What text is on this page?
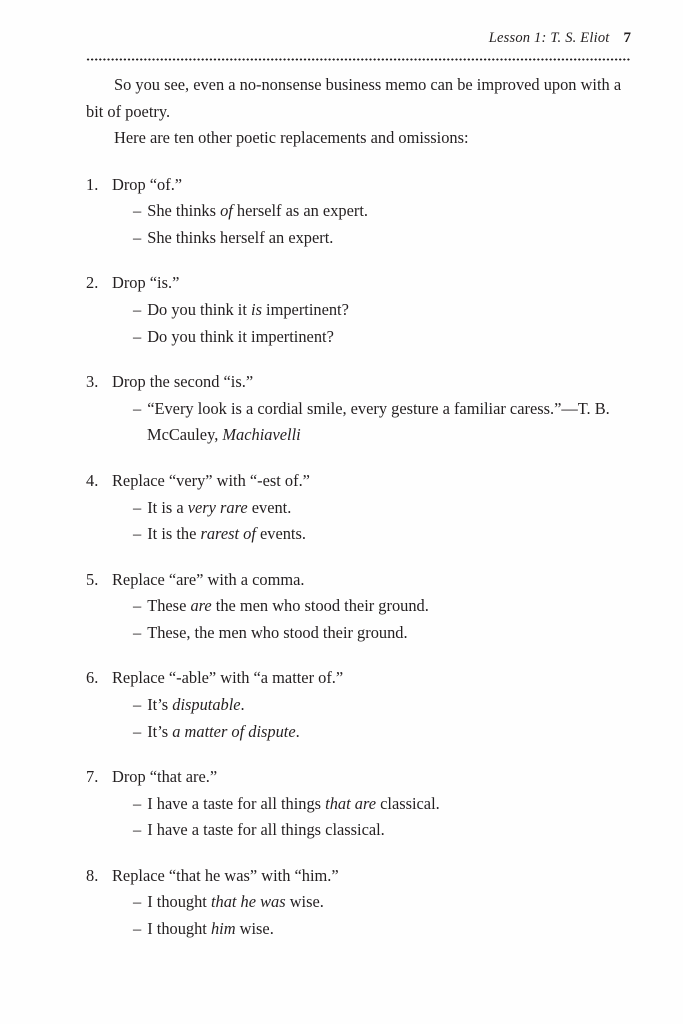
Lesson 1: T. S. Eliot 7

So you see, even a no-nonsense business memo can be improved upon with a bit of poetry.

Here are ten other poetic replacements and omissions:

1. Drop “of.”
– She thinks of herself as an expert.
– She thinks herself an expert.
2. Drop “is.”
– Do you think it is impertinent?
– Do you think it impertinent?
3. Drop the second “is.”
– “Every look is a cordial smile, every gesture a familiar caress.”—T. B. McCauley, Machiavelli
4. Replace “very” with “-est of.”
– It is a very rare event.
– It is the rarest of events.
5. Replace “are” with a comma.
– These are the men who stood their ground.
– These, the men who stood their ground.
6. Replace “-able” with “a matter of.”
– It’s disputable.
– It’s a matter of dispute.
7. Drop “that are.”
– I have a taste for all things that are classical.
– I have a taste for all things classical.
8. Replace “that he was” with “him.”
– I thought that he was wise.
– I thought him wise.
